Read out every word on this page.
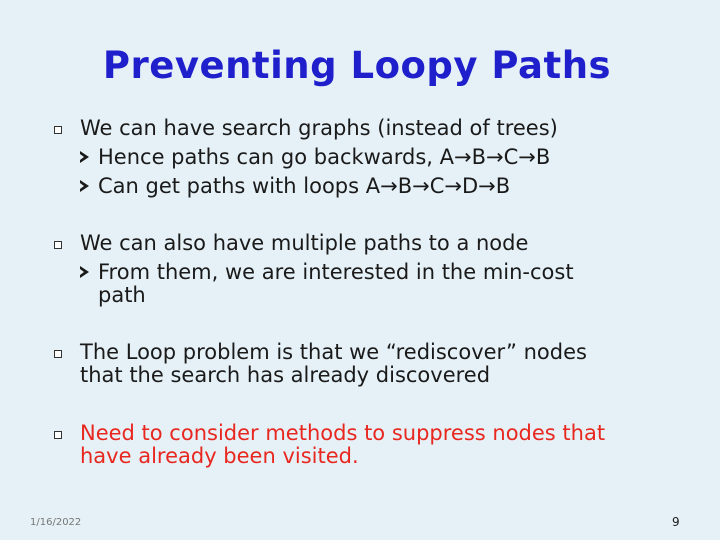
Preventing Loopy Paths
We can have search graphs (instead of trees)
Hence paths can go backwards, A→B→C→B
Can get paths with loops A→B→C→D→B
We can also have multiple paths to a node
From them, we are interested in the min-cost
path
The Loop problem is that we “rediscover” nodes
that the search has already discovered
Need to consider methods to suppress nodes that
have already been visited.
1/16/2022	9
